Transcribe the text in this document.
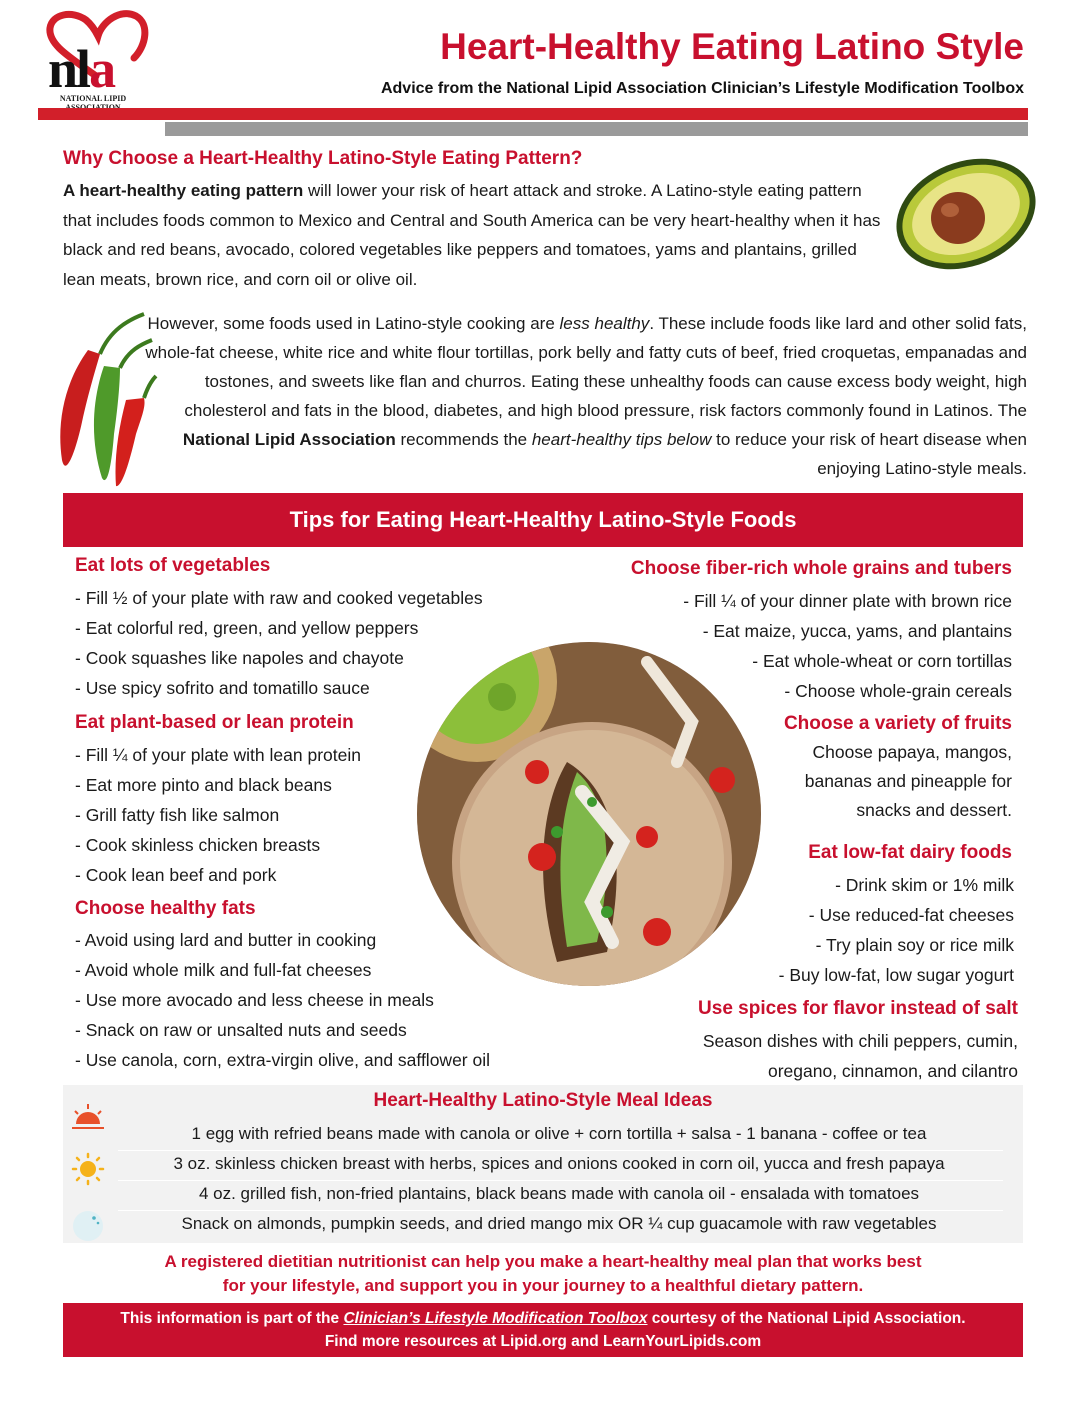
nla
NATIONAL LIPID
Heart-Healthy Eating Latino Style
Advice from the National Lipid Association Clinician’s Lifestyle Modification Toolbox
Why Choose a Heart-Healthy Latino-Style Eating Pattern?
A heart-healthy eating pattern will lower your risk of heart attack and stroke. A Latino-style eating pattern that includes foods common to Mexico and Central and South America can be very heart-healthy when it has black and red beans, avocado, colored vegetables like peppers and tomatoes, yams and plantains, grilled lean meats, brown rice, and corn oil or olive oil.
However, some foods used in Latino-style cooking are less healthy. These include foods like lard and other solid fats, whole-fat cheese, white rice and white flour tortillas, pork belly and fatty cuts of beef, fried croquetas, empanadas and tostones, and sweets like flan and churros. Eating these unhealthy foods can cause excess body weight, high cholesterol and fats in the blood, diabetes, and high blood pressure, risk factors commonly found in Latinos. The National Lipid Association recommends the heart-healthy tips below to reduce your risk of heart disease when enjoying Latino-style meals.
Tips for Eating Heart-Healthy Latino-Style Foods
Eat lots of vegetables
- Fill ½ of your plate with raw and cooked vegetables
- Eat colorful red, green, and yellow peppers
- Cook squashes like napoles and chayote
- Use spicy sofrito and tomatillo sauce
Eat plant-based or lean protein
- Fill ¼ of your plate with lean protein
- Eat more pinto and black beans
- Grill fatty fish like salmon
- Cook skinless chicken breasts
- Cook lean beef and pork
Choose healthy fats
- Avoid using lard and butter in cooking
- Avoid whole milk and full-fat cheeses
- Use more avocado and less cheese in meals
- Snack on raw or unsalted nuts and seeds
- Use canola, corn, extra-virgin olive, and safflower oil
Choose fiber-rich whole grains and tubers
- Fill ¼ of your dinner plate with brown rice
- Eat maize, yucca, yams, and plantains
- Eat whole-wheat or corn tortillas
- Choose whole-grain cereals
Choose a variety of fruits
Choose papaya, mangos,
bananas and pineapple for
snacks and dessert.
Eat low-fat dairy foods
- Drink skim or 1% milk
- Use reduced-fat cheeses
- Try plain soy or rice milk
- Buy low-fat, low sugar yogurt
Use spices for flavor instead of salt
Season dishes with chili peppers, cumin,
oregano, cinnamon, and cilantro
Heart-Healthy Latino-Style Meal Ideas
1 egg with refried beans made with canola or olive + corn tortilla + salsa - 1 banana - coffee or tea
3 oz. skinless chicken breast with herbs, spices and onions cooked in corn oil, yucca and fresh papaya
4 oz. grilled fish, non-fried plantains, black beans made with canola oil - ensalada with tomatoes
Snack on almonds, pumpkin seeds, and dried mango mix OR ¼ cup guacamole with raw vegetables
A registered dietitian nutritionist can help you make a heart-healthy meal plan that works best
for your lifestyle, and support you in your journey to a healthful dietary pattern.
This information is part of the Clinician’s Lifestyle Modification Toolbox courtesy of the National Lipid Association.
Find more resources at Lipid.org and LearnYourLipids.com
